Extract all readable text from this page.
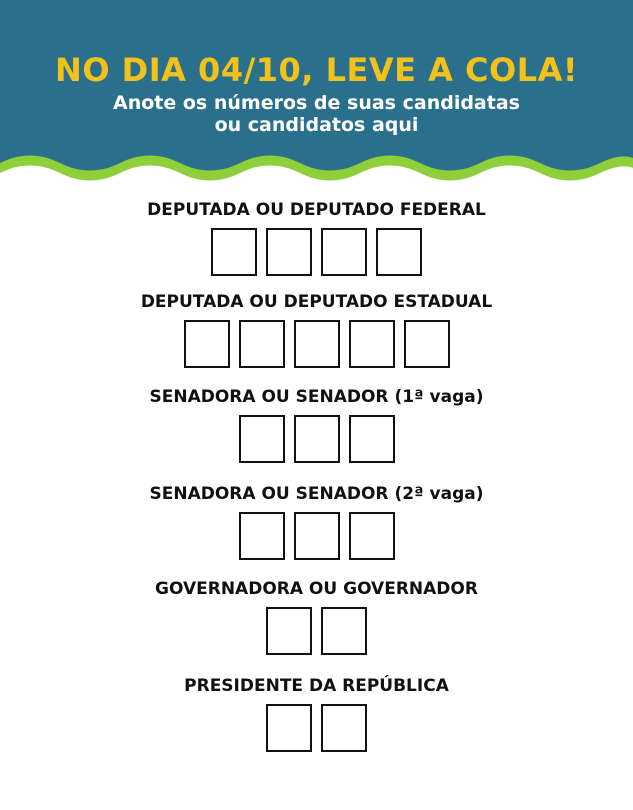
NO DIA 04/10, LEVE A COLA!
Anote os números de suas candidatas
ou candidatos aqui
DEPUTADA OU DEPUTADO FEDERAL
DEPUTADA OU DEPUTADO ESTADUAL
SENADORA OU SENADOR (1ª vaga)
SENADORA OU SENADOR (2ª vaga)
GOVERNADORA OU GOVERNADOR
PRESIDENTE DA REPÚBLICA
